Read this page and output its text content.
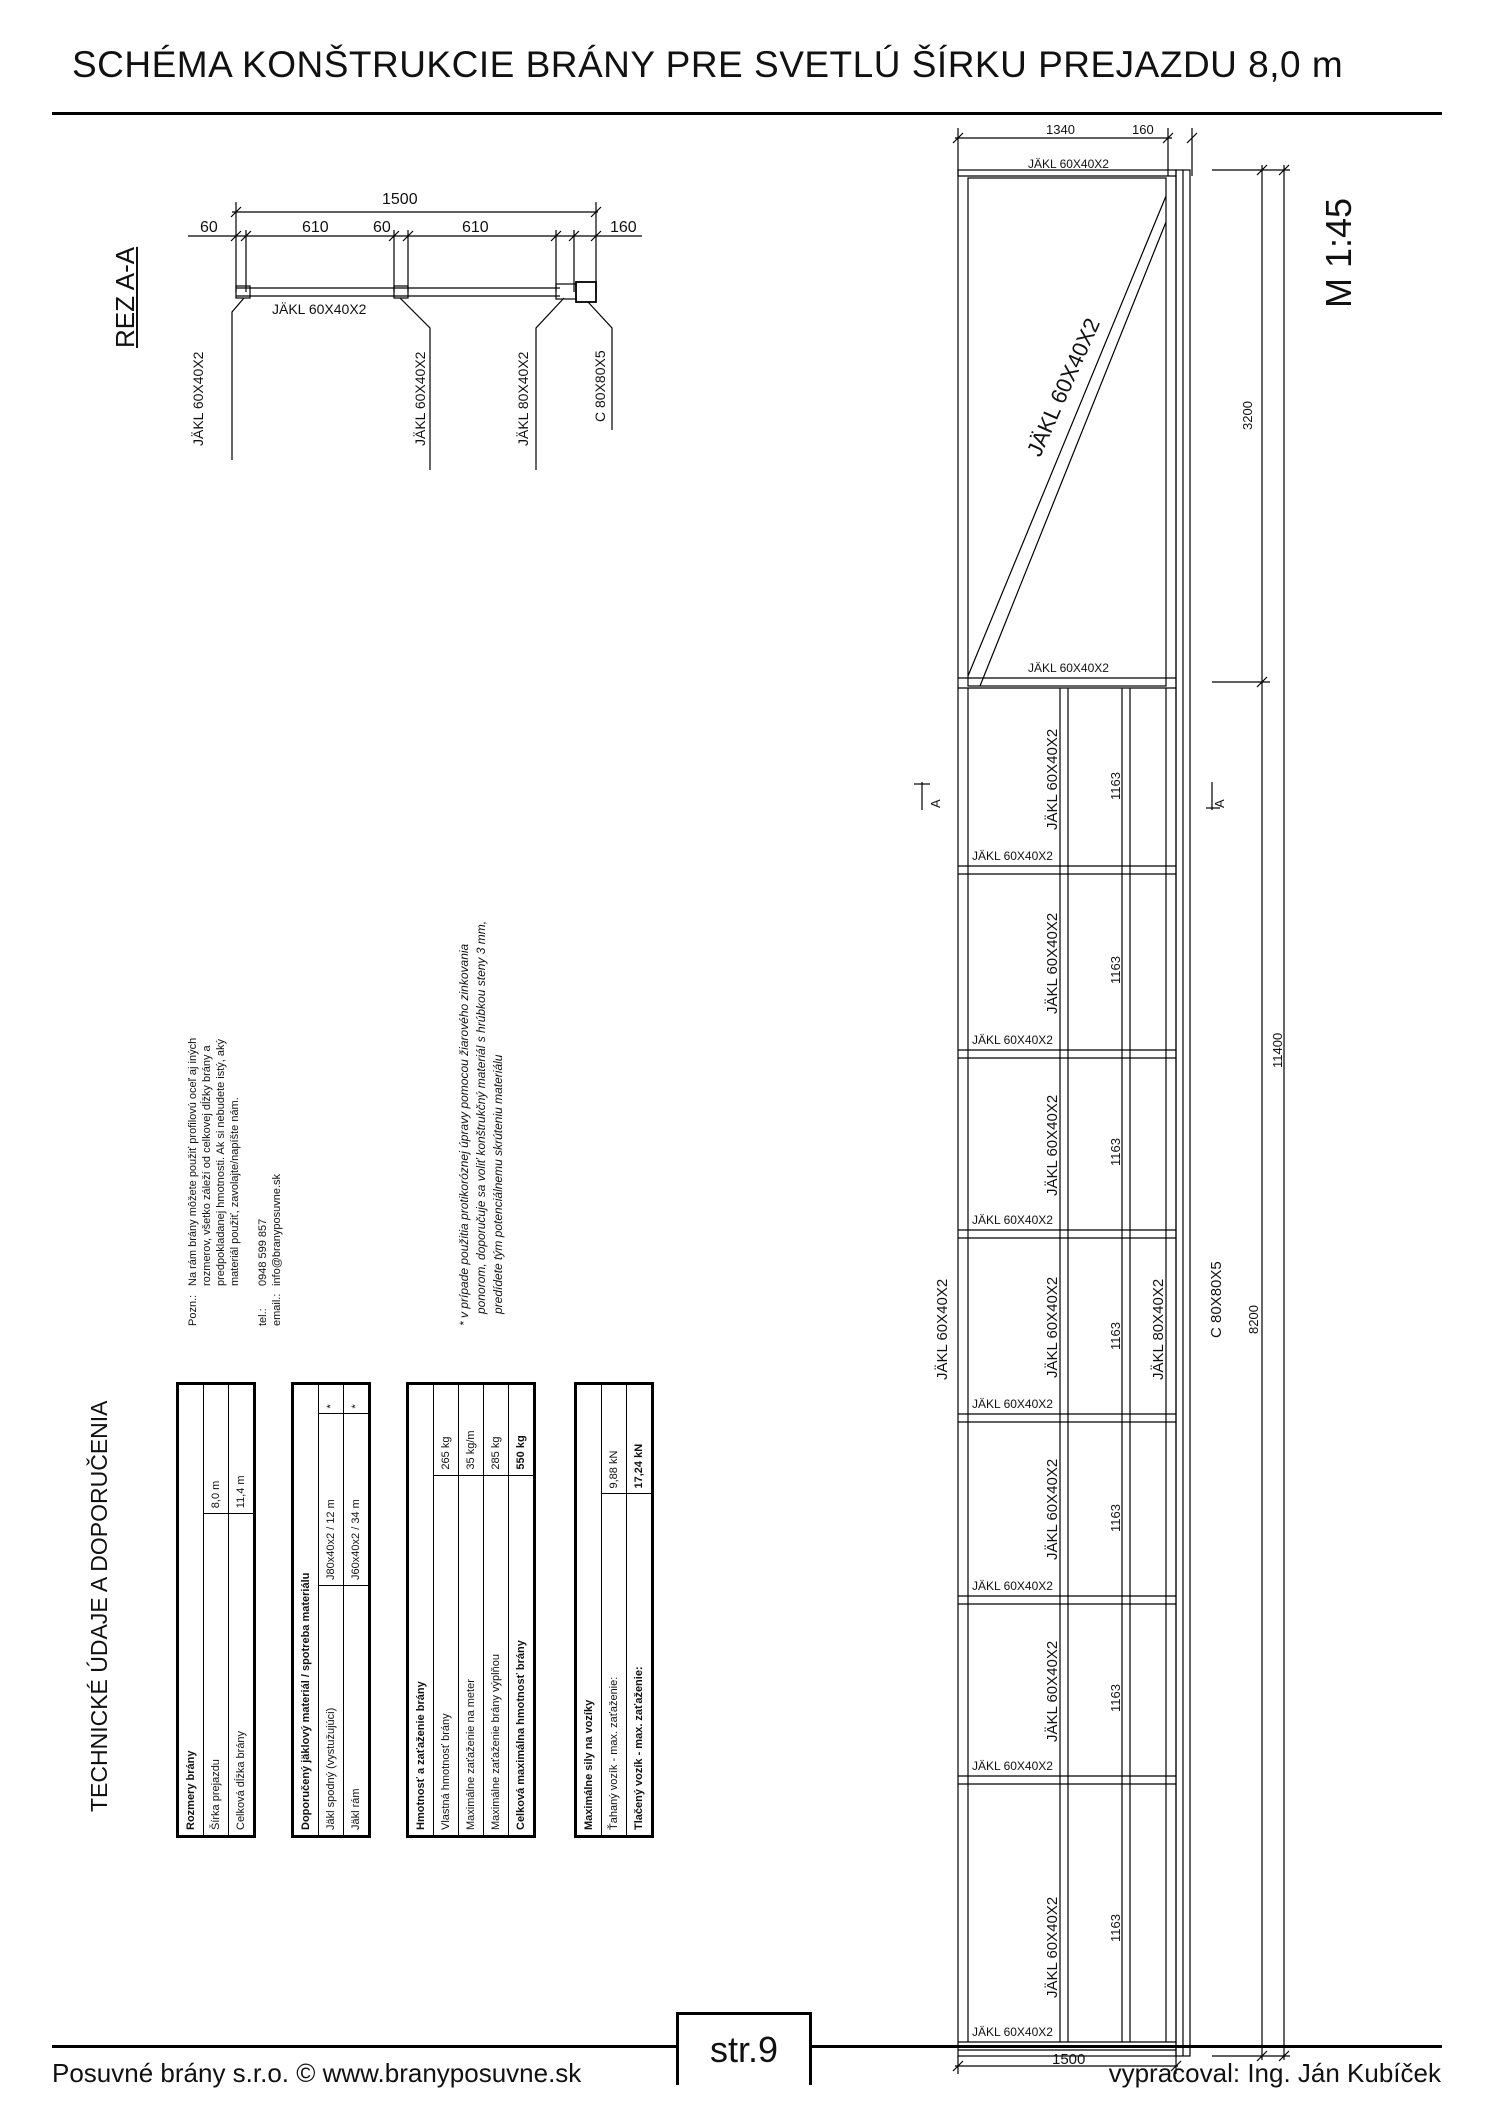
SCHÉMA KONŠTRUKCIE BRÁNY PRE SVETLÚ ŠÍRKU PREJAZDU 8,0 m
M 1:45
60	610	60	610	160
1500
JÄKL 60X40X2
REZ A-A
JÄKL 60X40X2	JÄKL 60X40X2	JÄKL 80X40X2	C 80X80X5
1340	160
JÄKL 60X40X2
JÄKL 60X40X2
1500
JÄKL 60X40X2
JÄKL 60X40X2
JÄKL 60X40X2
JÄKL 60X40X2
JÄKL 60X40X2
JÄKL 60X40X2
JÄKL 60X40X2
JÄKL 60X40X2
A	A
JÄKL 60X40X2	1163
JÄKL 60X40X2	1163
JÄKL 60X40X2	1163
JÄKL 60X40X2	1163
JÄKL 60X40X2	1163
JÄKL 60X40X2	1163
JÄKL 60X40X2	1163
JÄKL 60X40X2	JÄKL 80X40X2	C 80X80X5 8200
3200
11400
TECHNICKÉ ÚDAJE A DOPORUČENIA	Rozmery brány	
Šírka prejazdu	8,0 m
Celková dĺžka brány	11,4 m
Doporučený jäklový materiál / spotreba materiálu		
Jäkl spodný (vystužujúci)	J80x40x2 / 12 m	*
Jäkl rám	J60x40x2 / 34 m	*
Hmotnosť a zaťaženie brány	
Vlastná hmotnosť brány	265 kg
Maximálne zaťaženie na meter	35 kg/m
Maximálne zaťaženie brány výplňou	285 kg
Celková maximálna hmotnosť brány	550 kg
Maximálne sily na vozíky	
Ťahaný vozík - max. zaťaženie:	9,88 kN
Tlačený vozík - max. zaťaženie:	17,24 kN
Pozn.:
Na rám brány môžete použiť profilovú oceľ aj iných rozmerov, všetko záleží od celkovej dĺžky brány a predpokladanej hmotnosti. Ak si nebudete istý, aký materiál použiť, zavolajte/napíšte nám.
tel.:
0948 599 857
email.:
info@branyposuvne.sk	* v prípade použitia protikoróznej úpravy pomocou žiarového zinkovania ponorom, doporučuje sa voliť konštrukčný materiál s hrúbkou steny 3 mm, predídete tým potenciálnemu skrúteniu materiálu
str.9
Posuvné brány s.r.o. © www.branyposuvne.sk	vypracoval: Ing. Ján Kubíček
